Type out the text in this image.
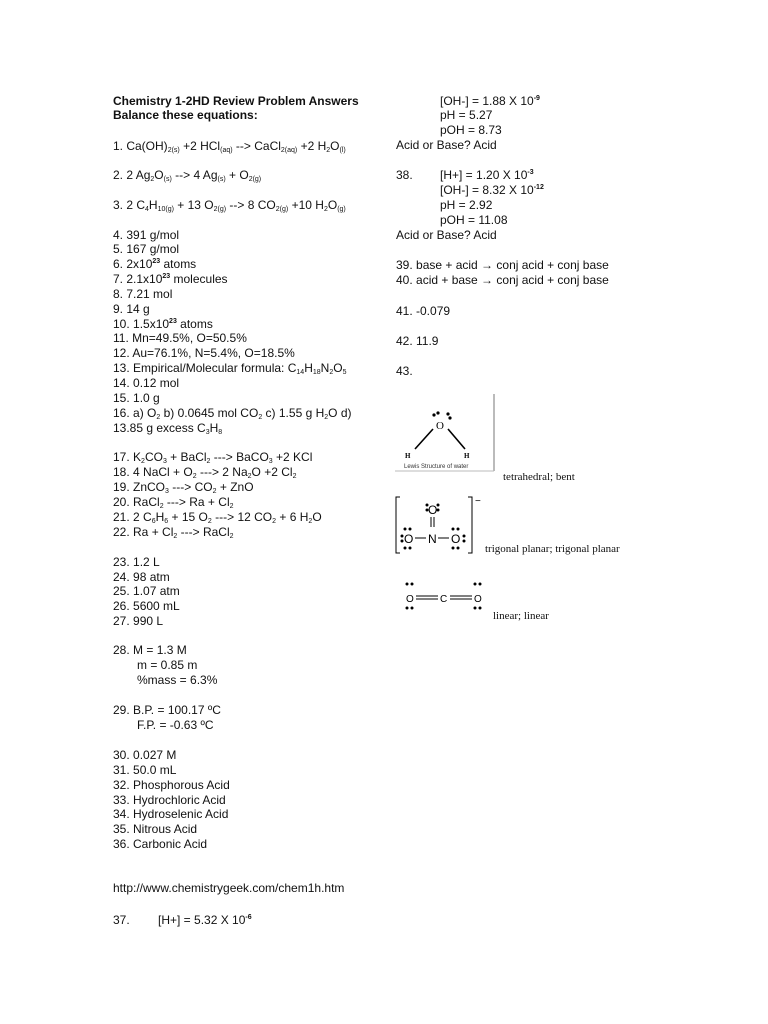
Chemistry 1-2HD Review Problem Answers
Balance these equations:
1. $Ca(OH)_{2(s)} +2$ HCl$_{(aq)}$ --> CaCl$_{2(aq)}$ +2 $H_2O_{(l)}$
2. 2 $Ag_2O_{(s)}$ --> 4 $Ag_{(s)} + O_{2(g)}$
3. 2 $C_4H_{10(g)} + 13$ $O_{2(g)}$ --> 8 $CO_{2(g)} +10$ $H_2O_{(g)}$
4. 391 g/mol
5. 167 g/mol
6. $2x10^{23}$ atoms
7. $2.1x10^{23}$ molecules
8. 7.21 mol
9. 14 g
10. $1.5x10^{23}$ atoms
11. Mn=49.5%, O=50.5%
12. Au=76.1%, N=5.4%, O=18.5%
13. Empirical/Molecular formula: $C_{14}H_{18}N_2O_5$
14. 0.12 mol
15. 1.0 g
16. a) $O_2$ b) 0.0645 mol $CO_2$ c) 1.55 g $H_2O$ d)
13.85 g excess $C_3H_8$
17. $K_2CO_3$ + BaCl$_2$ ---> BaCO$_3$ +2 KCl
18. 4 NaCl + $O_2$ ---> 2 $Na_2O +2$ $Cl_2$
19. ZnCO$_3$ ---> $CO_2$ + ZnO
20. RaCl$_2$ ---> $Ra + Cl_2$
21. 2 $C_6H_6 + 15$ $O_2$ ---> 12 $CO_2 + 6$ $H_2O$
22. $Ra + Cl_2$ ---> RaCl$_2$
23. 1.2 L
24. 98 atm
25. 1.07 atm
26. 5600 mL
27. 990 L
28. M = 1.3 M
m = 0.85 m
%mass = 6.3%
29. B.P. = 100.17 ºC
F.P. = -0.63 ºC
30. 0.027 M
31. 50.0 mL
32. Phosphorous Acid
33. Hydrochloric Acid
34. Hydroselenic Acid
35. Nitrous Acid
36. Carbonic Acid
http://www.chemistrygeek.com/chem1h.htm
37. [H+] = 5.32 X $10^{-6}$
[OH-] = 1.88 X $10^{-9}$
pH = 5.27
pOH = 8.73
Acid or Base? Acid
38. [H+] = 1.20 X $10^{-3}$
[OH-] = 8.32 X $10^{-12}$
pH = 2.92
pOH = 11.08
Acid or Base? Acid
39. base + acid → conj acid + conj base
40. acid + base → conj acid + conj base
41. -0.079
42. 11.9
43.
O
H	H
Lewis Structure of water
tetrahedral; bent
−
O
O N O
trigonal planar; trigonal planar
O	C	O
linear; linear
